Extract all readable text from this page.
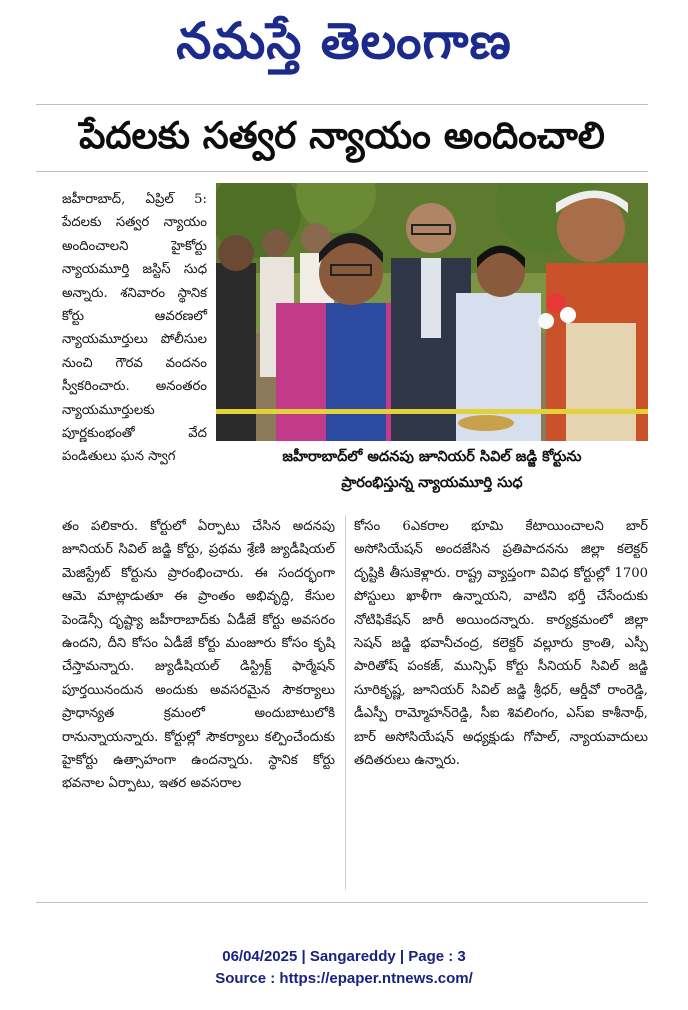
నమస్తే తెలంగాణ
పేదలకు సత్వర న్యాయం అందించాలి

జహీరాబాద్, ఏప్రిల్ 5: పేదలకు సత్వర న్యాయం అందించాలని హైకోర్టు న్యాయమూర్తి జస్టిస్ సుధ అన్నారు. శనివారం స్థానిక కోర్టు ఆవరణలో న్యాయమూర్తులు పోలీసుల నుంచి గౌరవ వందనం స్వీకరించారు. అనంతరం న్యాయమూర్తులకు పూర్ణకుంభంతో వేద పండితులు ఘన స్వాగ	జహీరాబాద్‌లో అదనపు జూనియర్ సివిల్ జడ్జి కోర్టును
ప్రారంభిస్తున్న న్యాయమూర్తి సుధ

తం పలికారు. కోర్టులో ఏర్పాటు చేసిన అదనపు జూనియర్ సివిల్ జడ్జి కోర్టు, ప్రథమ శ్రేణి జ్యుడీషియల్ మెజిస్ట్రేట్ కోర్టును ప్రారంభించారు. ఈ సందర్భంగా ఆమె మాట్లాడుతూ ఈ ప్రాంతం అభివృద్ధి, కేసుల పెండెన్సీ దృష్ట్యా జహీరాబాద్‌కు ఏడీజే కోర్టు అవసరం ఉందని, దీని కోసం ఏడీజే కోర్టు మంజూరు కోసం కృషి చేస్తామన్నారు. జ్యుడీషియల్ డిస్ట్రిక్ట్ ఫార్మేషన్ పూర్తయినందున అందుకు అవసరమైన సౌకర్యాలు ప్రాధాన్యత క్రమంలో అందుబాటులోకి రానున్నాయన్నారు. కోర్టుల్లో సౌకర్యాలు కల్పించేందుకు హైకోర్టు ఉత్సాహంగా ఉందన్నారు. స్థానిక కోర్టు భవనాల ఏర్పాటు, ఇతర అవసరాల

కోసం 6ఎకరాల భూమి కేటాయించాలని బార్ అసోసియేషన్ అందజేసిన ప్రతిపాదనను జిల్లా కలెక్టర్ దృష్టికి తీసుకెళ్లారు. రాష్ట్ర వ్యాప్తంగా వివిధ కోర్టుల్లో 1700 పోస్టులు ఖాళీగా ఉన్నాయని, వాటిని భర్తీ చేసేందుకు నోటిఫికేషన్ జారీ అయిందన్నారు. కార్యక్రమంలో జిల్లా సెషన్ జడ్జి భవానీచంద్ర, కలెక్టర్ వల్లూరు క్రాంతి, ఎస్పీ పారితోష్ పంకజ్, మున్సిఫ్ కోర్టు సీనియర్ సివిల్ జడ్జి సూరికృష్ణ, జూనియర్ సివిల్ జడ్జి శ్రీధర్, ఆర్డీవో రాంరెడ్డి, డీఎస్పీ రామ్మోహన్‌రెడ్డి, సీఐ శివలింగం, ఎస్ఐ కాశీనాథ్, బార్ అసోసియేషన్ అధ్యక్షుడు గోపాల్, న్యాయవాదులు తదితరులు ఉన్నారు.

06/04/2025 | Sangareddy | Page : 3
Source : https://epaper.ntnews.com/
